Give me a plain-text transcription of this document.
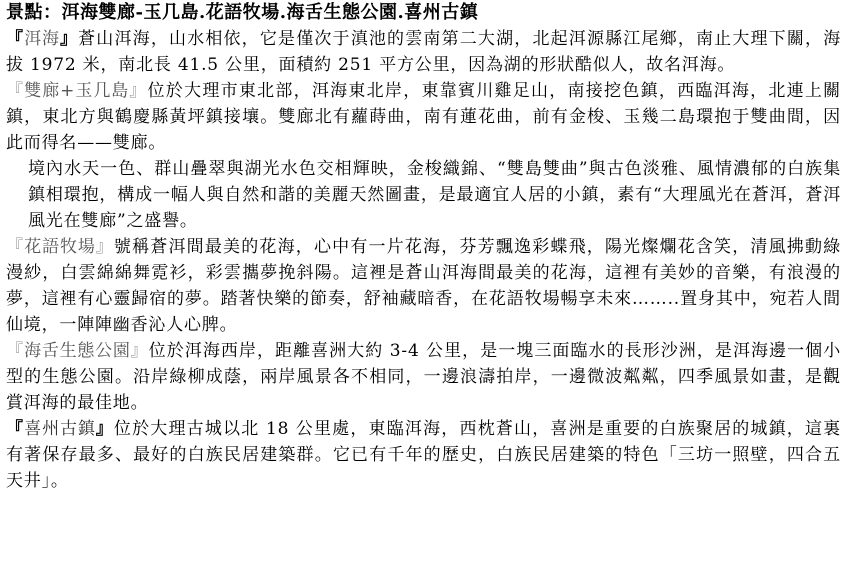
景點：洱海雙廊-玉几島.花語牧場.海舌生態公園.喜州古鎮

『洱海』蒼山洱海，山水相依，它是僅次于滇池的雲南第二大湖，北起洱源縣江尾鄉，南止大理下關，海拔 1972 米，南北長 41.5 公里，面積約 251 平方公里，因為湖的形狀酷似人，故名洱海。

『雙廊+玉几島』位於大理市東北部，洱海東北岸，東靠賓川雞足山，南接挖色鎮，西臨洱海，北連上關鎮，東北方與鶴慶縣黃坪鎮接壤。雙廊北有蘿蒔曲，南有蓮花曲，前有金梭、玉幾二島環抱于雙曲間，因此而得名——雙廊。

境內水天一色、群山疊翠與湖光水色交相輝映，金梭織錦、“雙島雙曲”與古色淡雅、風情濃郁的白族集鎮相環抱，構成一幅人與自然和諧的美麗天然圖畫，是最適宜人居的小鎮，素有“大理風光在蒼洱，蒼洱風光在雙廊”之盛譽。

『花語牧場』號稱蒼洱間最美的花海，心中有一片花海，芬芳飄逸彩蝶飛，陽光燦爛花含笑，清風拂動綠漫紗，白雲綿綿舞霓衫，彩雲攜夢挽斜陽。這裡是蒼山洱海間最美的花海，這裡有美妙的音樂，有浪漫的夢，這裡有心靈歸宿的夢。踏著快樂的節奏，舒袖藏暗香，在花語牧場暢享未來……..置身其中，宛若人間仙境，一陣陣幽香沁人心脾。

『海舌生態公園』位於洱海西岸，距離喜洲大約 3-4 公里，是一塊三面臨水的長形沙洲，是洱海邊一個小型的生態公園。沿岸綠柳成蔭，兩岸風景各不相同，一邊浪濤拍岸，一邊微波粼粼，四季風景如畫，是觀賞洱海的最佳地。

『喜州古鎮』位於大理古城以北 18 公里處，東臨洱海，西枕蒼山，喜洲是重要的白族聚居的城鎮，這裏有著保存最多、最好的白族民居建築群。它已有千年的歷史，白族民居建築的特色「三坊一照壁，四合五天井」。
